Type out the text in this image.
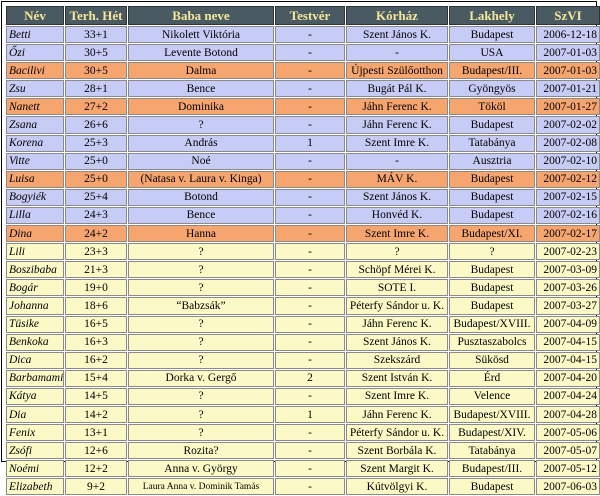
Név	Terh. Hét	Baba neve	Testvér	Kórház	Lakhely	SzVI
Betti	33+1	Nikolett Viktória	-	Szent János K.	Budapest	2006-12-18
Őzi	30+5	Levente Botond	-	-	USA	2007-01-03
Bacilivi	30+5	Dalma	-	Újpesti Szülőotthon	Budapest/III.	2007-01-03
Zsu	28+1	Bence	-	Bugát Pál K.	Gyöngyös	2007-01-21
Nanett	27+2	Dominika	-	Jáhn Ferenc K.	Tököl	2007-01-27
Zsana	26+6	?	-	Jáhn Ferenc K.	Budapest	2007-02-02
Korena	25+3	András	1	Szent Imre K.	Tatabánya	2007-02-08
Vitte	25+0	Noé	-	-	Ausztria	2007-02-10
Luisa	25+0	(Natasa v. Laura v. Kinga)	-	MÁV K.	Budapest	2007-02-12
Bogyiék	25+4	Botond	-	Szent János K.	Budapest	2007-02-15
Lilla	24+3	Bence	-	Honvéd K.	Budapest	2007-02-16
Dina	24+2	Hanna	-	Szent Imre K.	Budapest/XI.	2007-02-17
Lili	23+3	?	-	?	?	2007-02-23
Boszibaba	21+3	?	-	Schöpf Mérei K.	Budapest	2007-03-09
Bogár	19+0	?	-	SOTE I.	Budapest	2007-03-26
Johanna	18+6	“Babzsák”	-	Péterfy Sándor u. K.	Budapest	2007-03-27
Tüsike	16+5	?	-	Jáhn Ferenc K.	Budapest/XVIII.	2007-04-09
Benkoka	16+3	?	-	Szent János K.	Pusztaszabolcs	2007-04-15
Dica	16+2	?	-	Szekszárd	Sükösd	2007-04-15
Barbamami	15+4	Dorka v. Gergő	2	Szent István K.	Érd	2007-04-20
Kátya	14+5	?	-	Szent Imre K.	Velence	2007-04-24
Dia	14+2	?	1	Jáhn Ferenc K.	Budapest/XVIII.	2007-04-28
Fenix	13+1	?	-	Péterfy Sándor u. K.	Budapest/XIV.	2007-05-06
Zsófi	12+6	Rozita?	-	Szent Borbála K.	Tatabánya	2007-05-07
Noémi	12+2	Anna v. György	-	Szent Margit K.	Budapest/III.	2007-05-12
Elizabeth	9+2	Laura Anna v. Dominik Tamás	-	Kútvölgyi K.	Budapest	2007-06-03
